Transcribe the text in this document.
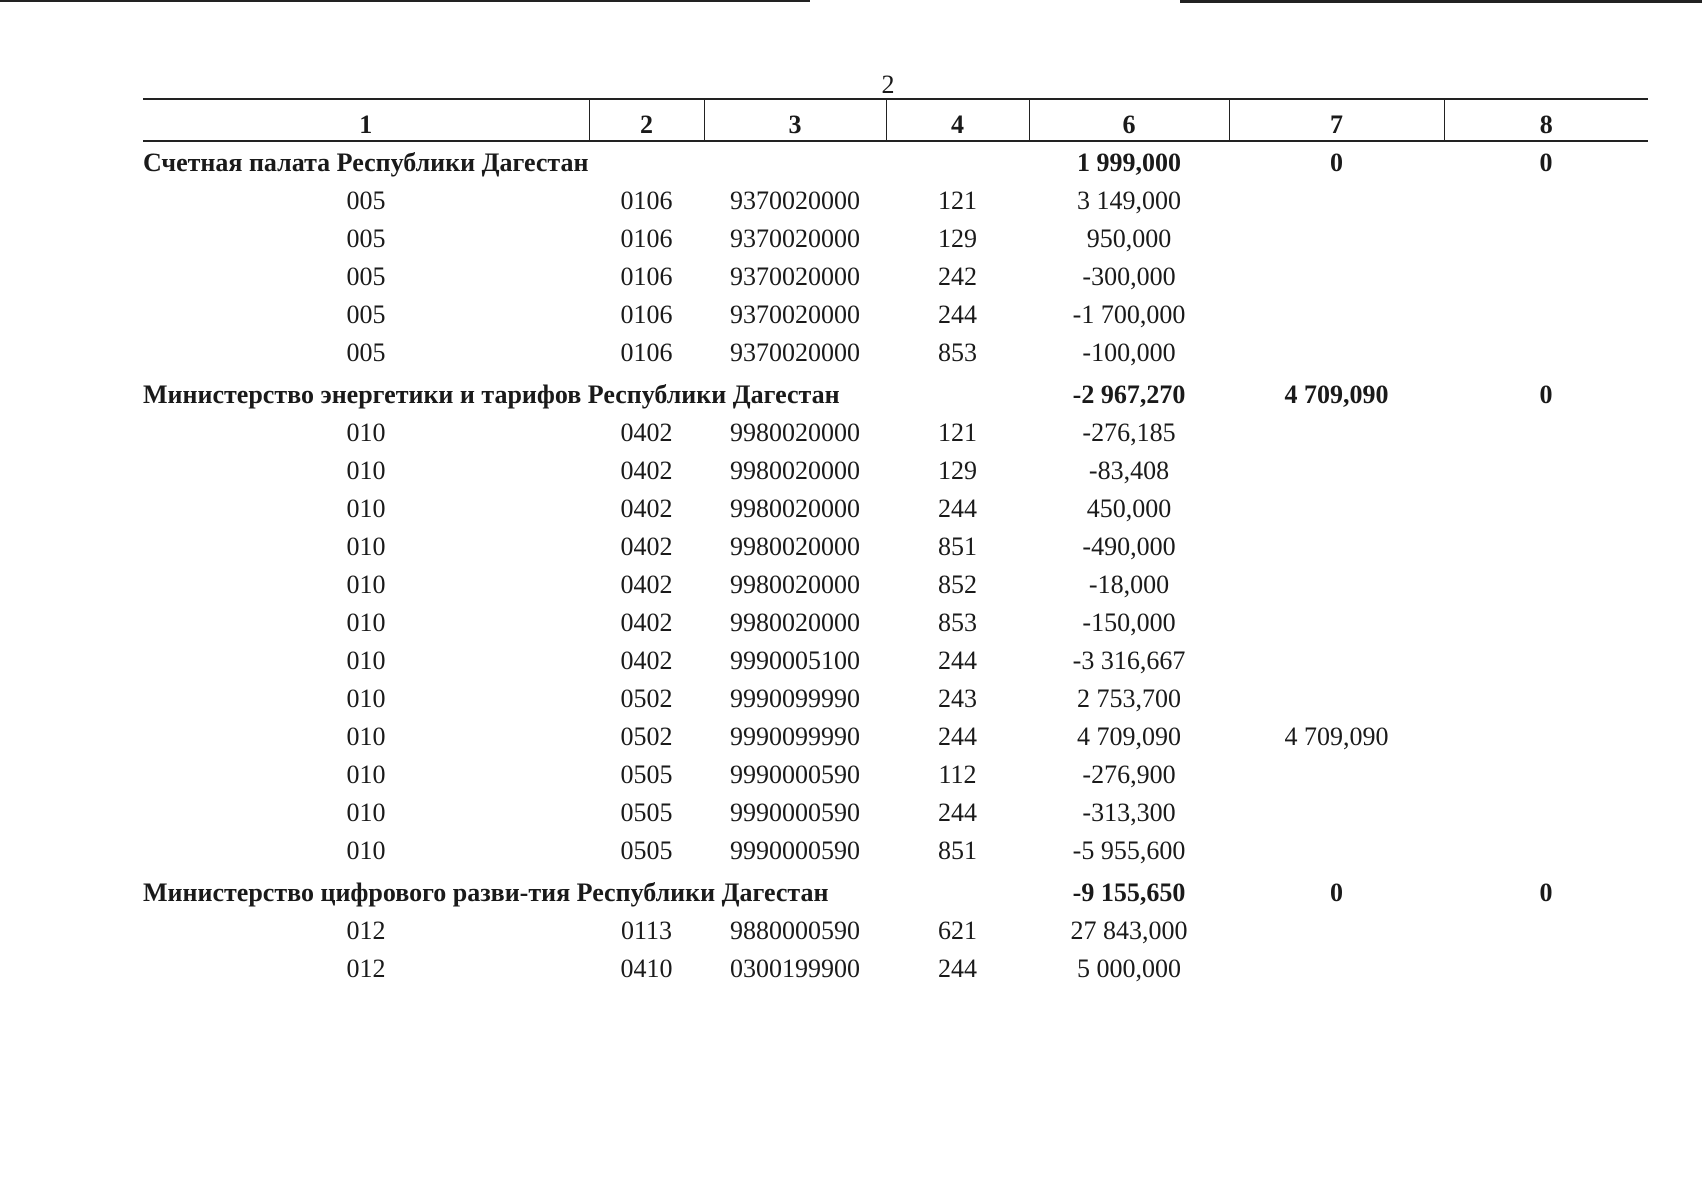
2
1	2	3	4	6	7	8
Счетная палата Республики Дагестан				1 999,000	0	0
005	0106	9370020000	121	3 149,000		
005	0106	9370020000	129	950,000		
005	0106	9370020000	242	-300,000		
005	0106	9370020000	244	-1 700,000		
005	0106	9370020000	853	-100,000		
Министерство энергетики и тарифов Республики Дагестан				-2 967,270	4 709,090	0
010	0402	9980020000	121	-276,185		
010	0402	9980020000	129	-83,408		
010	0402	9980020000	244	450,000		
010	0402	9980020000	851	-490,000		
010	0402	9980020000	852	-18,000		
010	0402	9980020000	853	-150,000		
010	0402	9990005100	244	-3 316,667		
010	0502	9990099990	243	2 753,700		
010	0502	9990099990	244	4 709,090	4 709,090	
010	0505	9990000590	112	-276,900		
010	0505	9990000590	244	-313,300		
010	0505	9990000590	851	-5 955,600		
Министерство цифрового разви-тия Республики Дагестан				-9 155,650	0	0
012	0113	9880000590	621	27 843,000		
012	0410	0300199900	244	5 000,000		
